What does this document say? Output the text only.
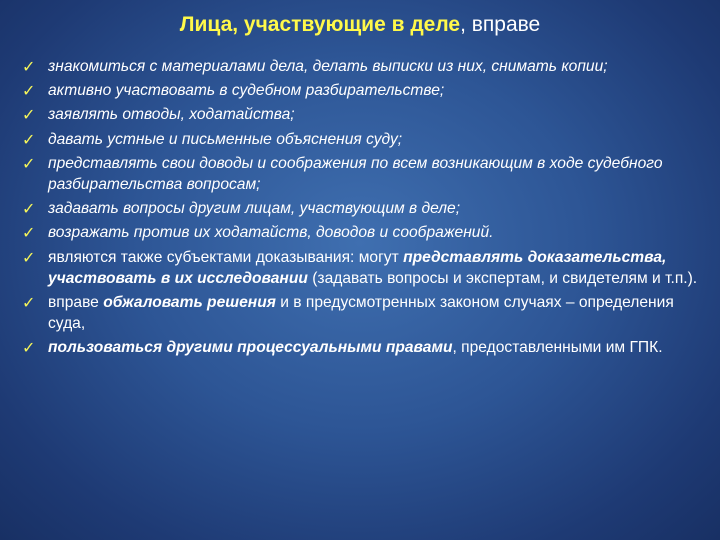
Лица, участвующие в деле, вправе
✓ знакомиться с материалами дела, делать выписки из них, снимать копии;
✓ активно участвовать в судебном разбирательстве;
✓ заявлять отводы, ходатайства;
✓ давать устные и письменные объяснения суду;
✓ представлять свои доводы и соображения по всем возникающим в ходе судебного разбирательства вопросам;
✓ задавать вопросы другим лицам, участвующим в деле;
✓ возражать против их ходатайств, доводов и соображений.
✓ являются также субъектами доказывания: могут представлять доказательства, участвовать в их исследовании (задавать вопросы и экспертам, и свидетелям и т.п.).
✓ вправе обжаловать решения и в предусмотренных законом случаях – определения суда,
✓ пользоваться другими процессуальными правами, предоставленными им ГПК.
